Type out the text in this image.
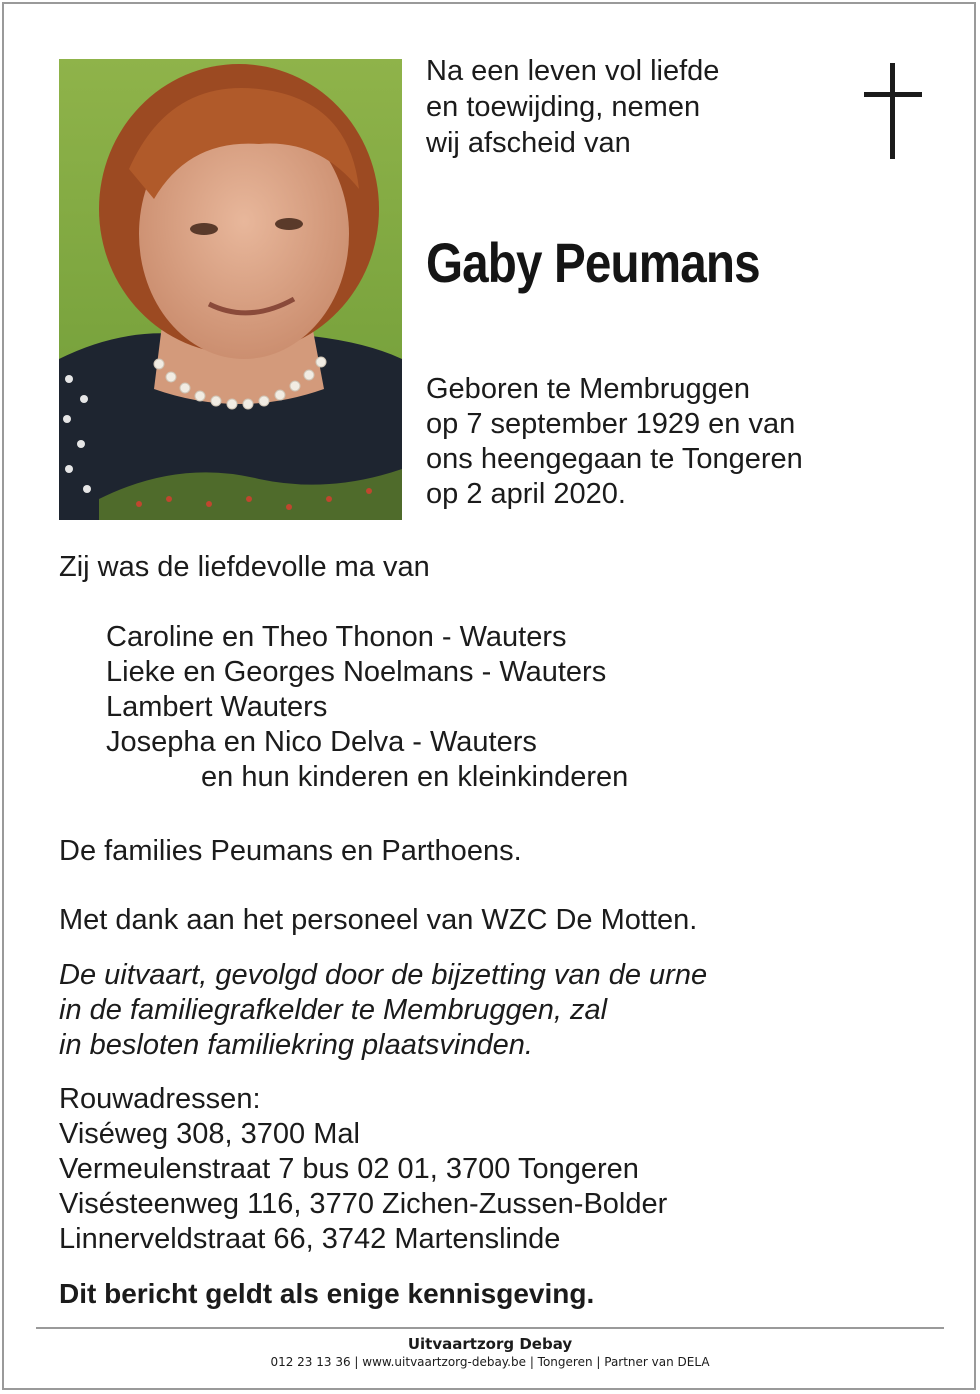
Na een leven vol liefde
en toewijding, nemen
wij afscheid van
Gaby Peumans
Geboren te Membruggen
op 7 september 1929 en van
ons heengegaan te Tongeren
op 2 april 2020.
Zij was de liefdevolle ma van
Caroline en Theo Thonon - Wauters
Lieke en Georges Noelmans - Wauters
Lambert Wauters
Josepha en Nico Delva - Wauters
en hun kinderen en kleinkinderen
De families Peumans en Parthoens.
Met dank aan het personeel van WZC De Motten.
De uitvaart, gevolgd door de bijzetting van de urne
in de familiegrafkelder te Membruggen, zal
in besloten familiekring plaatsvinden.
Rouwadressen:
Viséweg 308, 3700 Mal
Vermeulenstraat 7 bus 02 01, 3700 Tongeren
Visésteenweg 116, 3770 Zichen-Zussen-Bolder
Linnerveldstraat 66, 3742 Martenslinde
Dit bericht geldt als enige kennisgeving.
Uitvaartzorg Debay
012 23 13 36 | www.uitvaartzorg-debay.be | Tongeren | Partner van DELA
